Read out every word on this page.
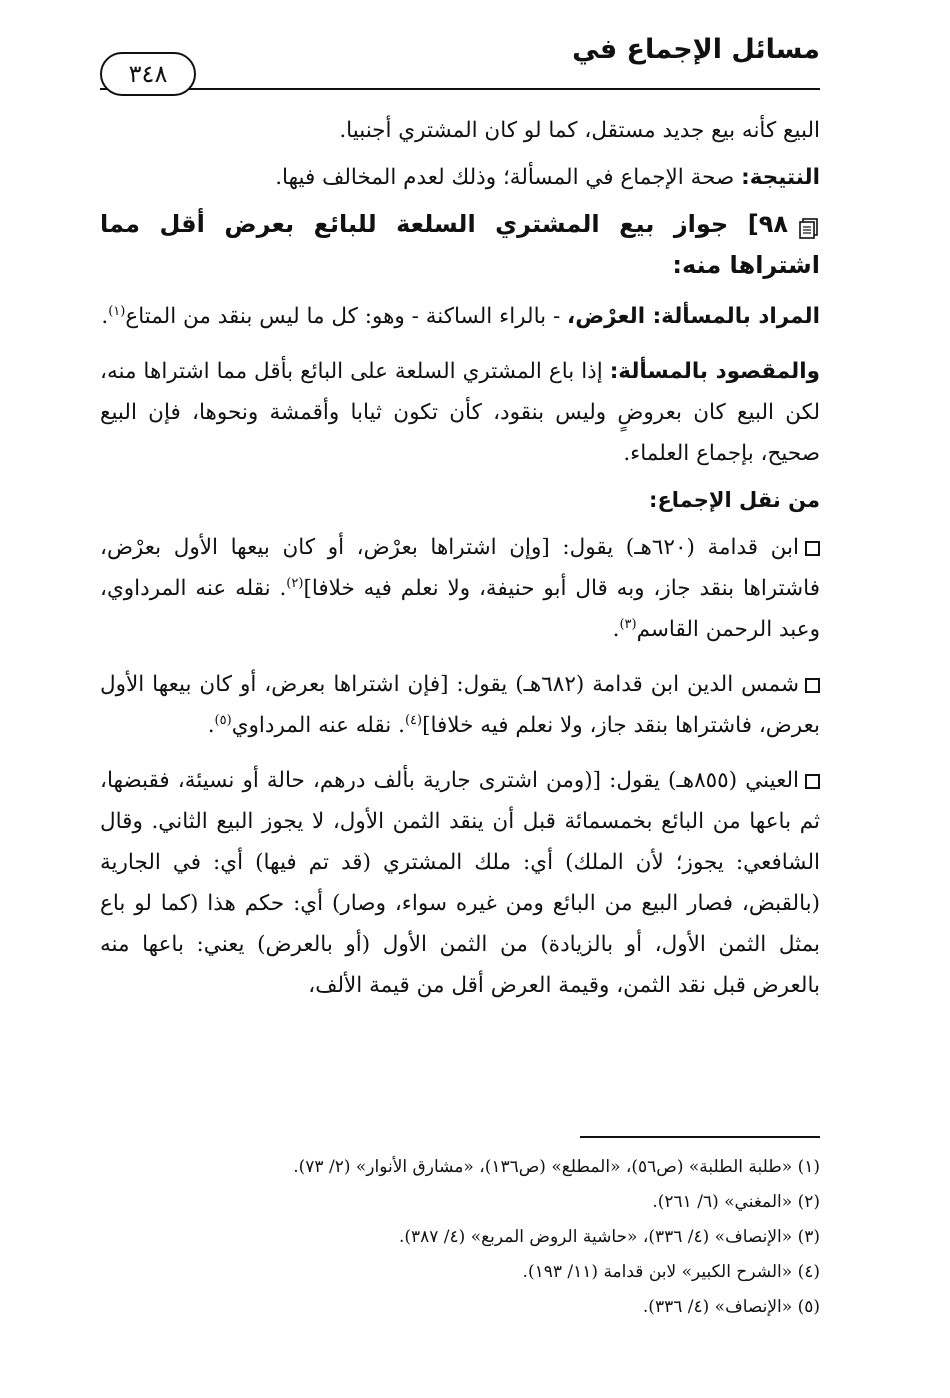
مسائل الإجماع في
٣٤٨

البيع كأنه بيع جديد مستقل، كما لو كان المشتري أجنبيا.

النتيجة: صحة الإجماع في المسألة؛ وذلك لعدم المخالف فيها.

٩٨] جواز بيع المشتري السلعة للبائع بعرض أقل مما اشتراها منه:

المراد بالمسألة: العرْض، - بالراء الساكنة - وهو: كل ما ليس بنقد من المتاع$^{(١)}$.

والمقصود بالمسألة: إذا باع المشتري السلعة على البائع بأقل مما اشتراها منه، لكن البيع كان بعروضٍ وليس بنقود، كأن تكون ثيابا وأقمشة ونحوها، فإن البيع صحيح، بإجماع العلماء.

من نقل الإجماع:

ابن قدامة (٦٢٠هـ) يقول: [وإن اشتراها بعرْض، أو كان بيعها الأول بعرْض، فاشتراها بنقد جاز، وبه قال أبو حنيفة، ولا نعلم فيه خلافا]$^{(٢)}$. نقله عنه المرداوي، وعبد الرحمن القاسم$^{(٣)}$.

شمس الدين ابن قدامة (٦٨٢هـ) يقول: [فإن اشتراها بعرض، أو كان بيعها الأول بعرض، فاشتراها بنقد جاز، ولا نعلم فيه خلافا]$^{(٤)}$. نقله عنه المرداوي$^{(٥)}$.

العيني (٨٥٥هـ) يقول: [(ومن اشترى جارية بألف درهم، حالة أو نسيئة، فقبضها، ثم باعها من البائع بخمسمائة قبل أن ينقد الثمن الأول، لا يجوز البيع الثاني. وقال الشافعي: يجوز؛ لأن الملك) أي: ملك المشتري (قد تم فيها) أي: في الجارية (بالقبض، فصار البيع من البائع ومن غيره سواء، وصار) أي: حكم هذا (كما لو باع بمثل الثمن الأول، أو بالزيادة) من الثمن الأول (أو بالعرض) يعني: باعها منه بالعرض قبل نقد الثمن، وقيمة العرض أقل من قيمة الألف،

(١) «طلبة الطلبة» (ص٥٦)، «المطلع» (ص١٣٦)، «مشارق الأنوار» (٢/ ٧٣).
(٢) «المغني» (٦/ ٢٦١).
(٣) «الإنصاف» (٤/ ٣٣٦)، «حاشية الروض المربع» (٤/ ٣٨٧).
(٤) «الشرح الكبير» لابن قدامة (١١/ ١٩٣).
(٥) «الإنصاف» (٤/ ٣٣٦).
